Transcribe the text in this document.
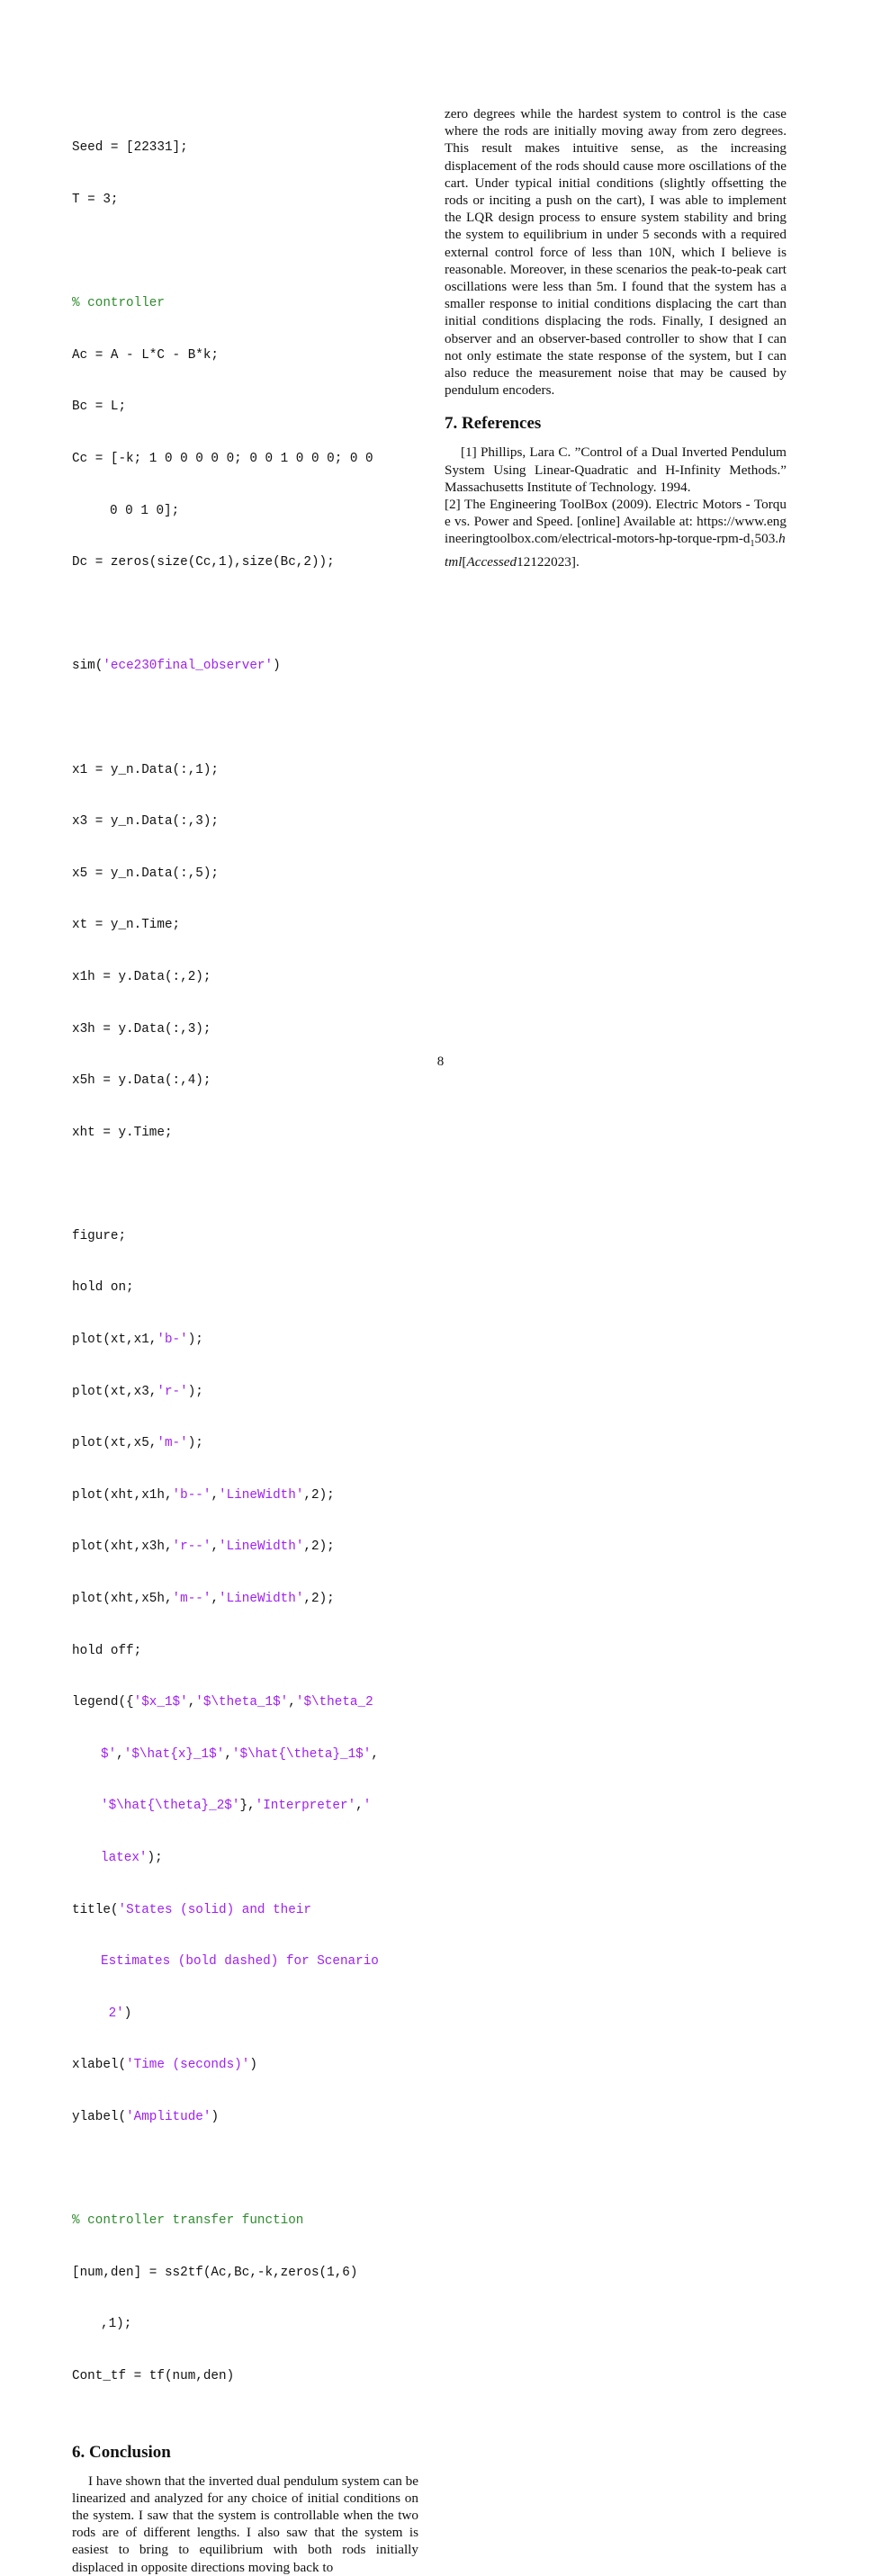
Seed = [22331];

T = 3;

% controller

Ac = A - L*C - B*k;

Bc = L;

Cc = [-k; 1 0 0 0 0 0; 0 0 1 0 0 0; 0 0

0 0 1 0];

Dc = zeros(size(Cc,1),size(Bc,2));

sim('ece230final_observer')

x1 = y_n.Data(:,1);

x3 = y_n.Data(:,3);

x5 = y_n.Data(:,5);

xt = y_n.Time;

x1h = y.Data(:,2);

x3h = y.Data(:,3);

x5h = y.Data(:,4);

xht = y.Time;

figure;

hold on;

plot(xt,x1,'b-');

plot(xt,x3,'r-');

plot(xt,x5,'m-');

plot(xht,x1h,'b--','LineWidth',2);

plot(xht,x3h,'r--','LineWidth',2);

plot(xht,x5h,'m--','LineWidth',2);

hold off;

legend({'$x_1$','$\theta_1$','$\theta_2

$','$\hat{x}_1$','$\hat{\theta}_1$',

'$\hat{\theta}_2$'},'Interpreter','

latex');

title('States (solid) and their

Estimates (bold dashed) for Scenario

2')

xlabel('Time (seconds)')

ylabel('Amplitude')

% controller transfer function

[num,den] = ss2tf(Ac,Bc,-k,zeros(1,6)

,1);

Cont_tf = tf(num,den)

6. Conclusion

I have shown that the inverted dual pendulum system can be linearized and analyzed for any choice of initial conditions on the system. I saw that the system is controllable when the two rods are of different lengths. I also saw that the system is easiest to bring to equilibrium with both rods initially displaced in opposite directions moving back to

zero degrees while the hardest system to control is the case where the rods are initially moving away from zero degrees. This result makes intuitive sense, as the increasing displacement of the rods should cause more oscillations of the cart. Under typical initial conditions (slightly offsetting the rods or inciting a push on the cart), I was able to implement the LQR design process to ensure system stability and bring the system to equilibrium in under 5 seconds with a required external control force of less than 10N, which I believe is reasonable. Moreover, in these scenarios the peak-to-peak cart oscillations were less than 5m. I found that the system has a smaller response to initial conditions displacing the cart than initial conditions displacing the rods. Finally, I designed an observer and an observer-based controller to show that I can not only estimate the state response of the system, but I can also reduce the measurement noise that may be caused by pendulum encoders.

7. References

[1] Phillips, Lara C. ”Control of a Dual Inverted Pendulum System Using Linear-Quadratic and H-Infinity Methods.” Massachusetts Institute of Technology. 1994.

[2] The Engineering ToolBox (2009). Electric Motors - Torque vs. Power and Speed. [online] Available at: $https://www.engineeringtoolbox.com/electrical-motors-hp-torque-rpm-d_1503.html[Accessed12122023]$.

8
